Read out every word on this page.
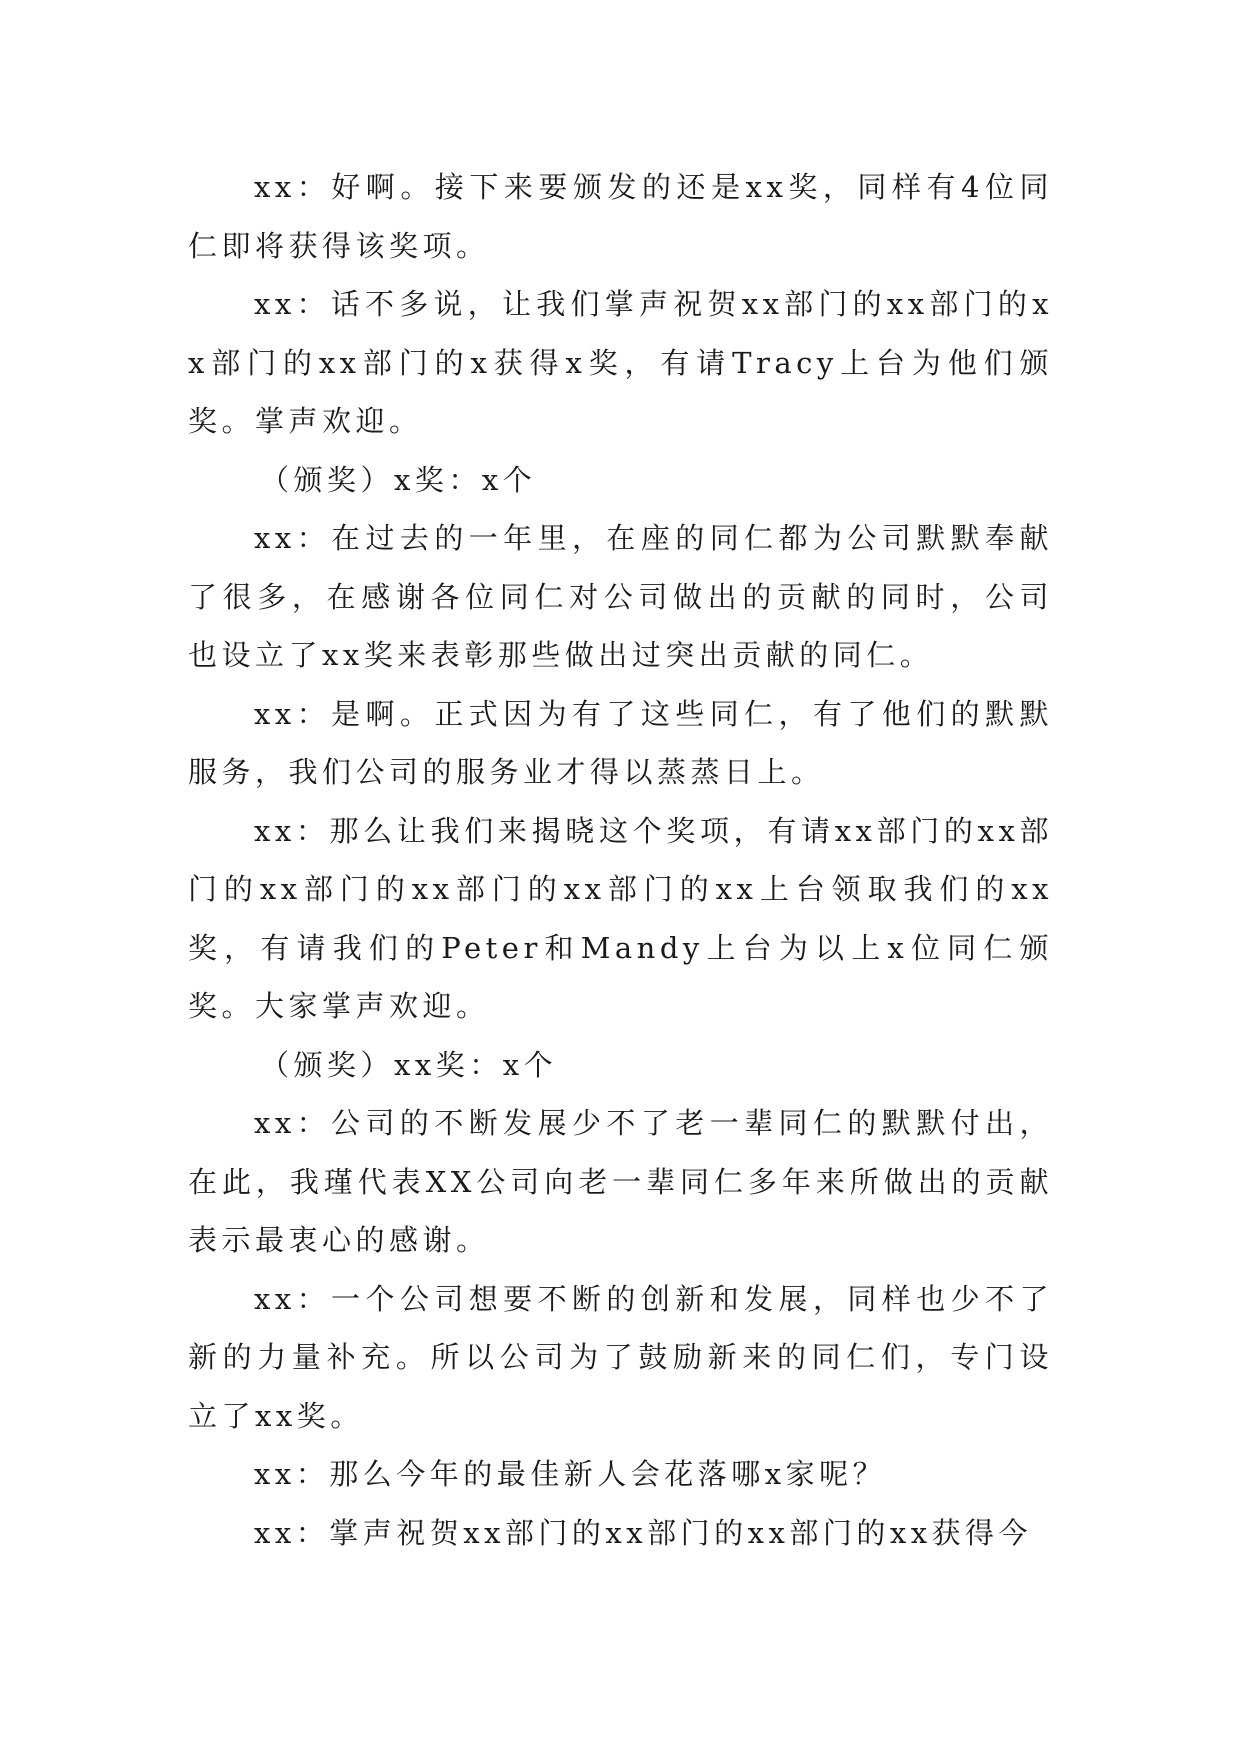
xx：好啊。接下来要颁发的还是xx奖，同样有4位同仁即将获得该奖项。

xx：话不多说，让我们掌声祝贺xx部门的xx部门的xx部门的xx部门的x获得x奖，有请Tracy上台为他们颁奖。掌声欢迎。

（颁奖）x奖：x个

xx：在过去的一年里，在座的同仁都为公司默默奉献了很多，在感谢各位同仁对公司做出的贡献的同时，公司也设立了xx奖来表彰那些做出过突出贡献的同仁。

xx：是啊。正式因为有了这些同仁，有了他们的默默服务，我们公司的服务业才得以蒸蒸日上。

xx：那么让我们来揭晓这个奖项，有请xx部门的xx部门的xx部门的xx部门的xx部门的xx上台领取我们的xx奖，有请我们的Peter和Mandy上台为以上x位同仁颁奖。大家掌声欢迎。

（颁奖）xx奖：x个

xx：公司的不断发展少不了老一辈同仁的默默付出，在此，我瑾代表XX公司向老一辈同仁多年来所做出的贡献表示最衷心的感谢。

xx：一个公司想要不断的创新和发展，同样也少不了新的力量补充。所以公司为了鼓励新来的同仁们，专门设立了xx奖。

xx：那么今年的最佳新人会花落哪x家呢？

xx：掌声祝贺xx部门的xx部门的xx部门的xx获得今
